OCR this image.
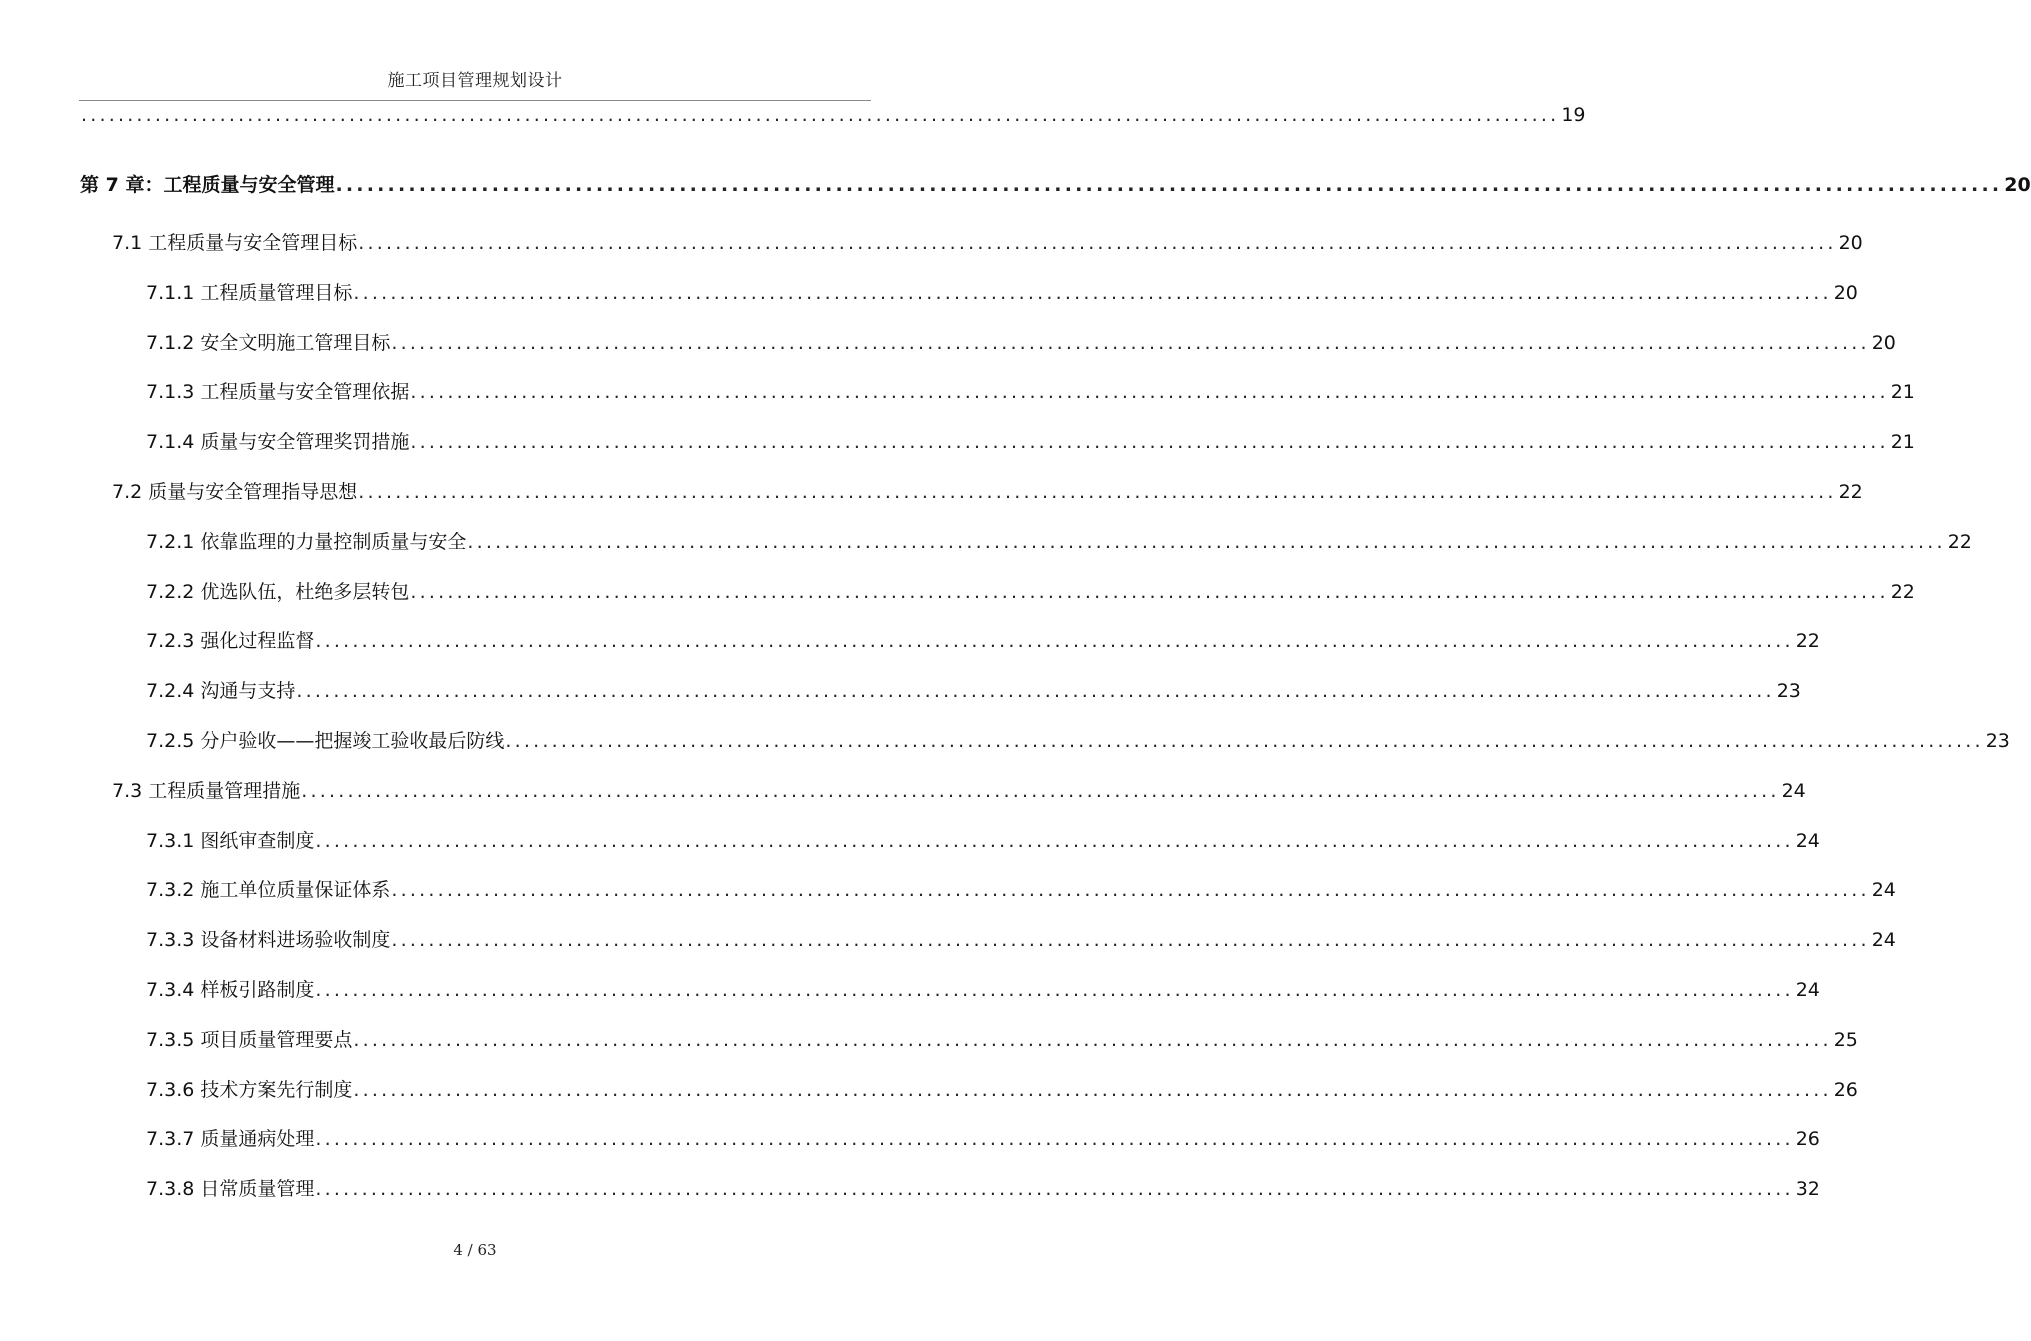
施工项目管理规划设计
................................................................................................................................................................ 19
第 7 章：工程质量与安全管理 ................................................................................................................................................................ 20
7.1 工程质量与安全管理目标 ................................................................................................................................................................ 20
7.1.1 工程质量管理目标 ................................................................................................................................................................ 20
7.1.2 安全文明施工管理目标 ................................................................................................................................................................ 20
7.1.3 工程质量与安全管理依据 ................................................................................................................................................................ 21
7.1.4 质量与安全管理奖罚措施 ................................................................................................................................................................ 21
7.2 质量与安全管理指导思想 ................................................................................................................................................................ 22
7.2.1 依靠监理的力量控制质量与安全 ................................................................................................................................................................ 22
7.2.2 优选队伍，杜绝多层转包 ................................................................................................................................................................ 22
7.2.3 强化过程监督 ................................................................................................................................................................ 22
7.2.4 沟通与支持 ................................................................................................................................................................ 23
7.2.5 分户验收——把握竣工验收最后防线 ................................................................................................................................................................ 23
7.3 工程质量管理措施 ................................................................................................................................................................ 24
7.3.1 图纸审查制度 ................................................................................................................................................................ 24
7.3.2 施工单位质量保证体系 ................................................................................................................................................................ 24
7.3.3 设备材料进场验收制度 ................................................................................................................................................................ 24
7.3.4 样板引路制度 ................................................................................................................................................................ 24
7.3.5 项目质量管理要点 ................................................................................................................................................................ 25
7.3.6 技术方案先行制度 ................................................................................................................................................................ 26
7.3.7 质量通病处理 ................................................................................................................................................................ 26
7.3.8 日常质量管理 ................................................................................................................................................................ 32
4 / 63
